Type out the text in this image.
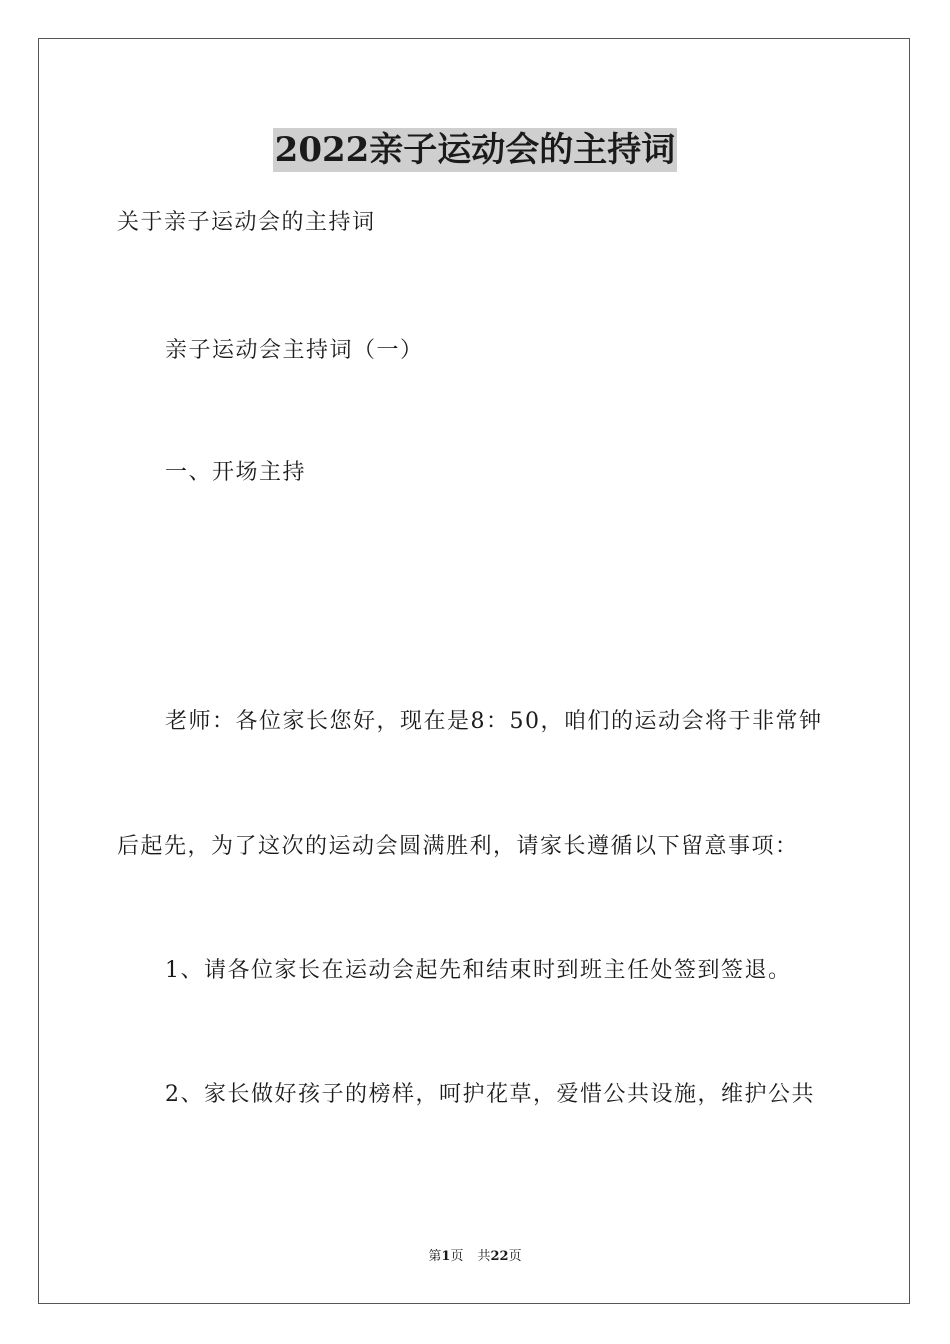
2022亲子运动会的主持词
关于亲子运动会的主持词
亲子运动会主持词（一）
一、开场主持
老师：各位家长您好，现在是8：50，咱们的运动会将于非常钟
后起先，为了这次的运动会圆满胜利，请家长遵循以下留意事项：
1、请各位家长在运动会起先和结束时到班主任处签到签退。
2、家长做好孩子的榜样，呵护花草，爱惜公共设施，维护公共
第1页 共22页
